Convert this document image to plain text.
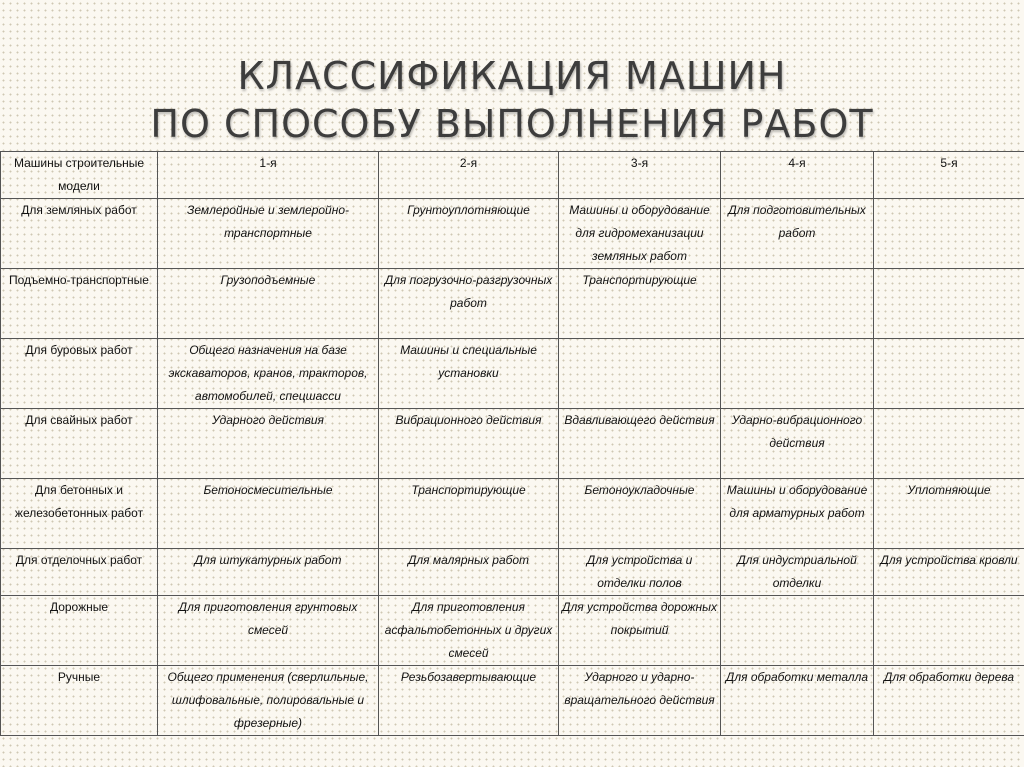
КЛАССИФИКАЦИЯ МАШИН
ПО СПОСОБУ ВЫПОЛНЕНИЯ РАБОТ
Машины строительные модели	1-я	2-я	3-я	4-я	5-я
Для земляных работ	Землеройные и землеройно-транспортные	Грунтоуплотняющие	Машины и оборудование для гидромеханизации земляных работ	Для подготовительных работ	
Подъемно-транспортные	Грузоподъемные	Для погрузочно-разгрузочных работ	Транспортирующие		
Для буровых работ	Общего назначения на базе экскаваторов, кранов, тракторов, автомобилей, спецшасси	Машины и специальные установки			
Для свайных работ	Ударного действия	Вибрационного действия	Вдавливающего действия	Ударно-вибрационного действия	
Для бетонных и железобетонных работ	Бетоносмесительные	Транспортирующие	Бетоноукладочные	Машины и оборудование для арматурных работ	Уплотняющие
Для отделочных работ	Для штукатурных работ	Для малярных работ	Для устройства и отделки полов	Для индустриальной отделки	Для устройства кровли
Дорожные	Для приготовления грунтовых смесей	Для приготовления асфальтобетонных и других смесей	Для устройства дорожных покрытий		
Ручные	Общего применения (сверлильные, шлифовальные, полировальные и фрезерные)	Резьбозавертывающие	Ударного и ударно-вращательного действия	Для обработки металла	Для обработки дерева
